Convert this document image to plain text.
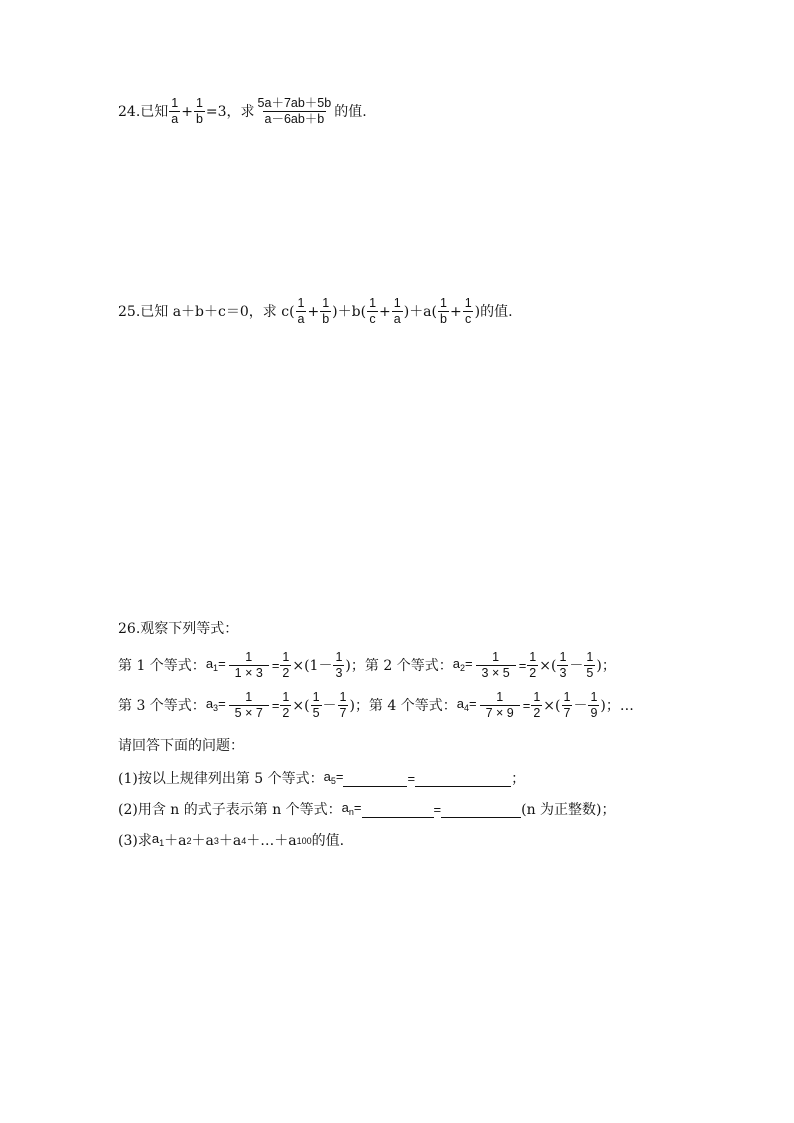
24. 已知 $\frac{1}{a} + \frac{1}{b} =3$， 求 $\frac{5a+7ab+5b}{a-6ab+b}$ 的值.
25.已知 a＋b＋c＝0，求 c ( $\frac{1}{a} + \frac{1}{b}$ ) ＋b ( $\frac{1}{c} + \frac{1}{a}$ ) ＋a ( $\frac{1}{b} + \frac{1}{c}$ ) 的值.
26.观察下列等式：
第 1 个等式： $a_1= \frac{1}{1 \times 3} = \frac{1}{2} \times (1- \frac{1}{3}$ ) ；第 2 个等式： $a_2= \frac{1}{3 \times 5} = \frac{1}{2}$ × ( $\frac{1}{3} - \frac{1}{5}$ ) ；
第 3 个等式： $a_3= \frac{1}{5 \times 7} = \frac{1}{2}$ × ( $\frac{1}{5} - \frac{1}{7}$ ) ；第 4 个等式： $a_4= \frac{1}{7 \times 9} = \frac{1}{2}$ × ( $\frac{1}{7} - \frac{1}{9}$ ) ；…
请回答下面的问题：
(1)按以上规律列出第 5 个等式： $a_5=$	=	；
(2)用含 n 的式子表示第 n 个等式： $a_n=$	=	(n 为正整数)；
(3)求 $a_1 +a$ 2 ＋a 3 ＋a 4 ＋…＋a 100 的值.
